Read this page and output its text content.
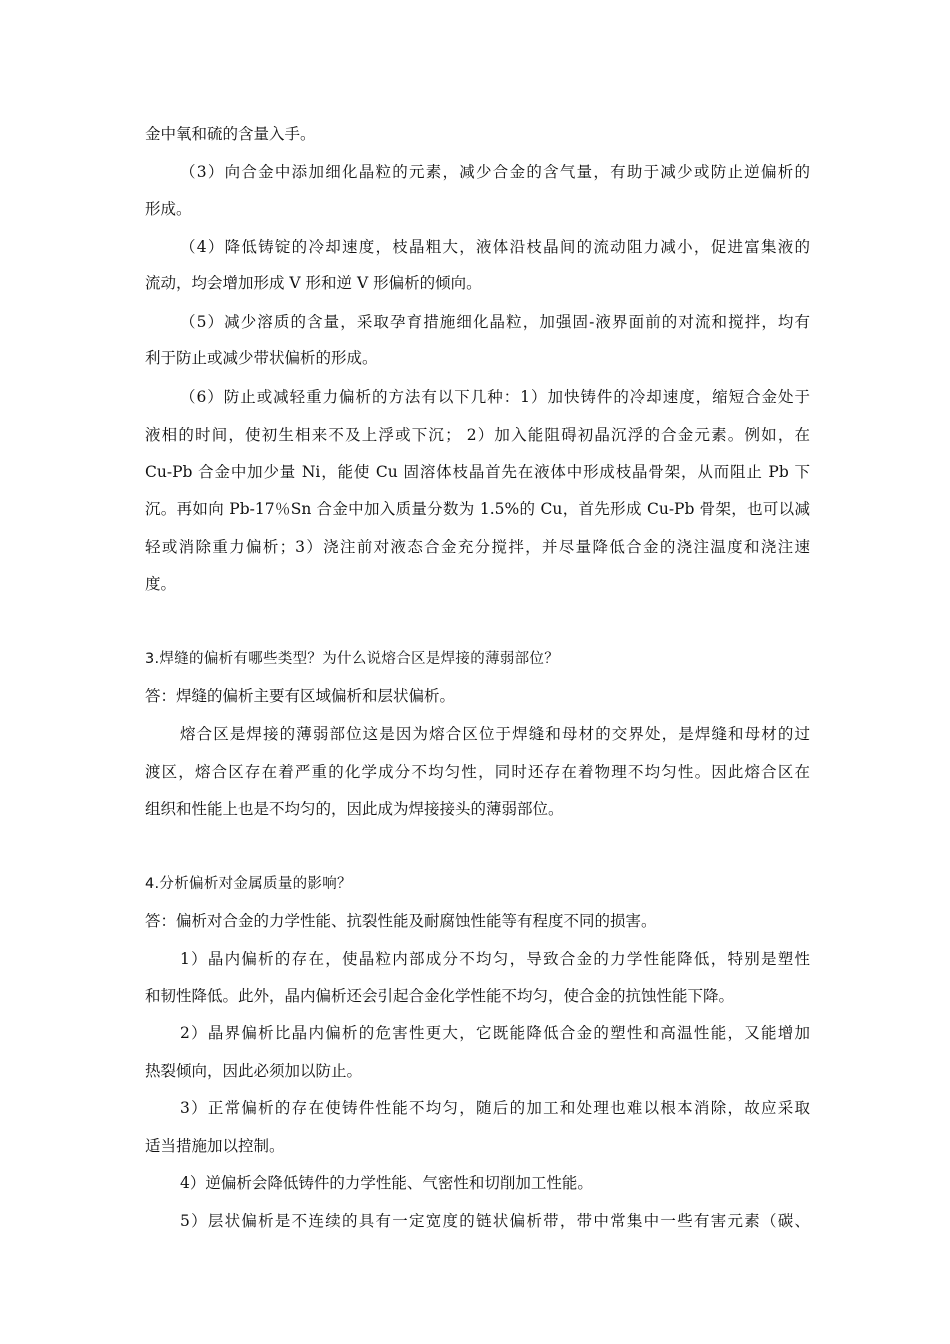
金中氧和硫的含量入手。
（3）向合金中添加细化晶粒的元素，减少合金的含气量，有助于减少或防止逆偏析的
形成。
（4）降低铸锭的冷却速度，枝晶粗大，液体沿枝晶间的流动阻力减小，促进富集液的
流动，均会增加形成 V 形和逆 V 形偏析的倾向。
（5）减少溶质的含量，采取孕育措施细化晶粒，加强固-液界面前的对流和搅拌，均有
利于防止或减少带状偏析的形成。
（6）防止或减轻重力偏析的方法有以下几种：1）加快铸件的冷却速度，缩短合金处于
液相的时间，使初生相来不及上浮或下沉； 2）加入能阻碍初晶沉浮的合金元素。例如，在
Cu-Pb 合金中加少量 Ni，能使 Cu 固溶体枝晶首先在液体中形成枝晶骨架，从而阻止 Pb 下
沉。再如向 Pb-17％Sn 合金中加入质量分数为 1.5%的 Cu，首先形成 Cu-Pb 骨架，也可以减
轻或消除重力偏析；3）浇注前对液态合金充分搅拌，并尽量降低合金的浇注温度和浇注速
度。
3.焊缝的偏析有哪些类型？为什么说熔合区是焊接的薄弱部位？
答：焊缝的偏析主要有区域偏析和层状偏析。
熔合区是焊接的薄弱部位这是因为熔合区位于焊缝和母材的交界处，是焊缝和母材的过
渡区，熔合区存在着严重的化学成分不均匀性，同时还存在着物理不均匀性。因此熔合区在
组织和性能上也是不均匀的，因此成为焊接接头的薄弱部位。
4.分析偏析对金属质量的影响？
答：偏析对合金的力学性能、抗裂性能及耐腐蚀性能等有程度不同的损害。
1）晶内偏析的存在，使晶粒内部成分不均匀，导致合金的力学性能降低，特别是塑性
和韧性降低。此外，晶内偏析还会引起合金化学性能不均匀，使合金的抗蚀性能下降。
2）晶界偏析比晶内偏析的危害性更大，它既能降低合金的塑性和高温性能，又能增加
热裂倾向，因此必须加以防止。
3）正常偏析的存在使铸件性能不均匀，随后的加工和处理也难以根本消除，故应采取
适当措施加以控制。
4）逆偏析会降低铸件的力学性能、气密性和切削加工性能。
5）层状偏析是不连续的具有一定宽度的链状偏析带，带中常集中一些有害元素（碳、
